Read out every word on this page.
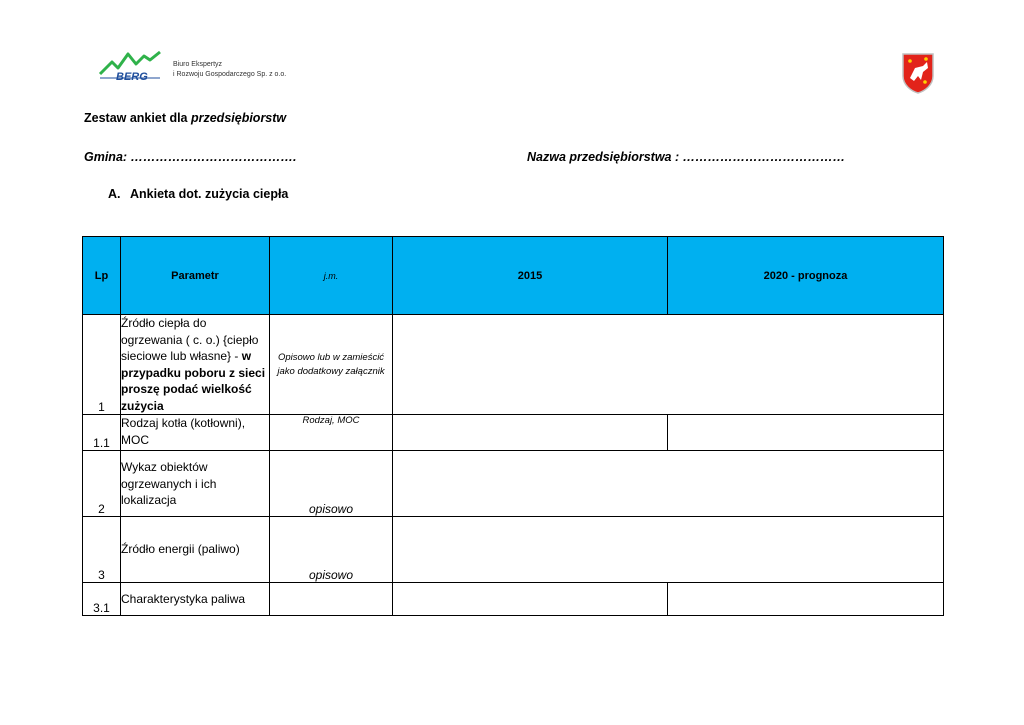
BERG
Biuro Ekspertyz
i Rozwoju Gospodarczego Sp. z o.o.
Zestaw ankiet dla przedsiębiorstw
Gmina: ………………………………….	Nazwa przedsiębiorstwa : …………………………………
A. Ankieta dot. zużycia ciepła
Lp	Parametr	j.m.	2015	2020 - prognoza
1	Źródło ciepła do ogrzewania ( c. o.) {ciepło sieciowe lub własne} - w przypadku poboru z sieci proszę podać wielkość zużycia	Opisowo lub w zamieścić jako dodatkowy załącznik		
1.1	Rodzaj kotła (kotłowni), MOC	Rodzaj, MOC		
2	Wykaz obiektów ogrzewanych i ich lokalizacja	opisowo		
3	Źródło energii (paliwo)	opisowo		
3.1	Charakterystyka paliwa			
